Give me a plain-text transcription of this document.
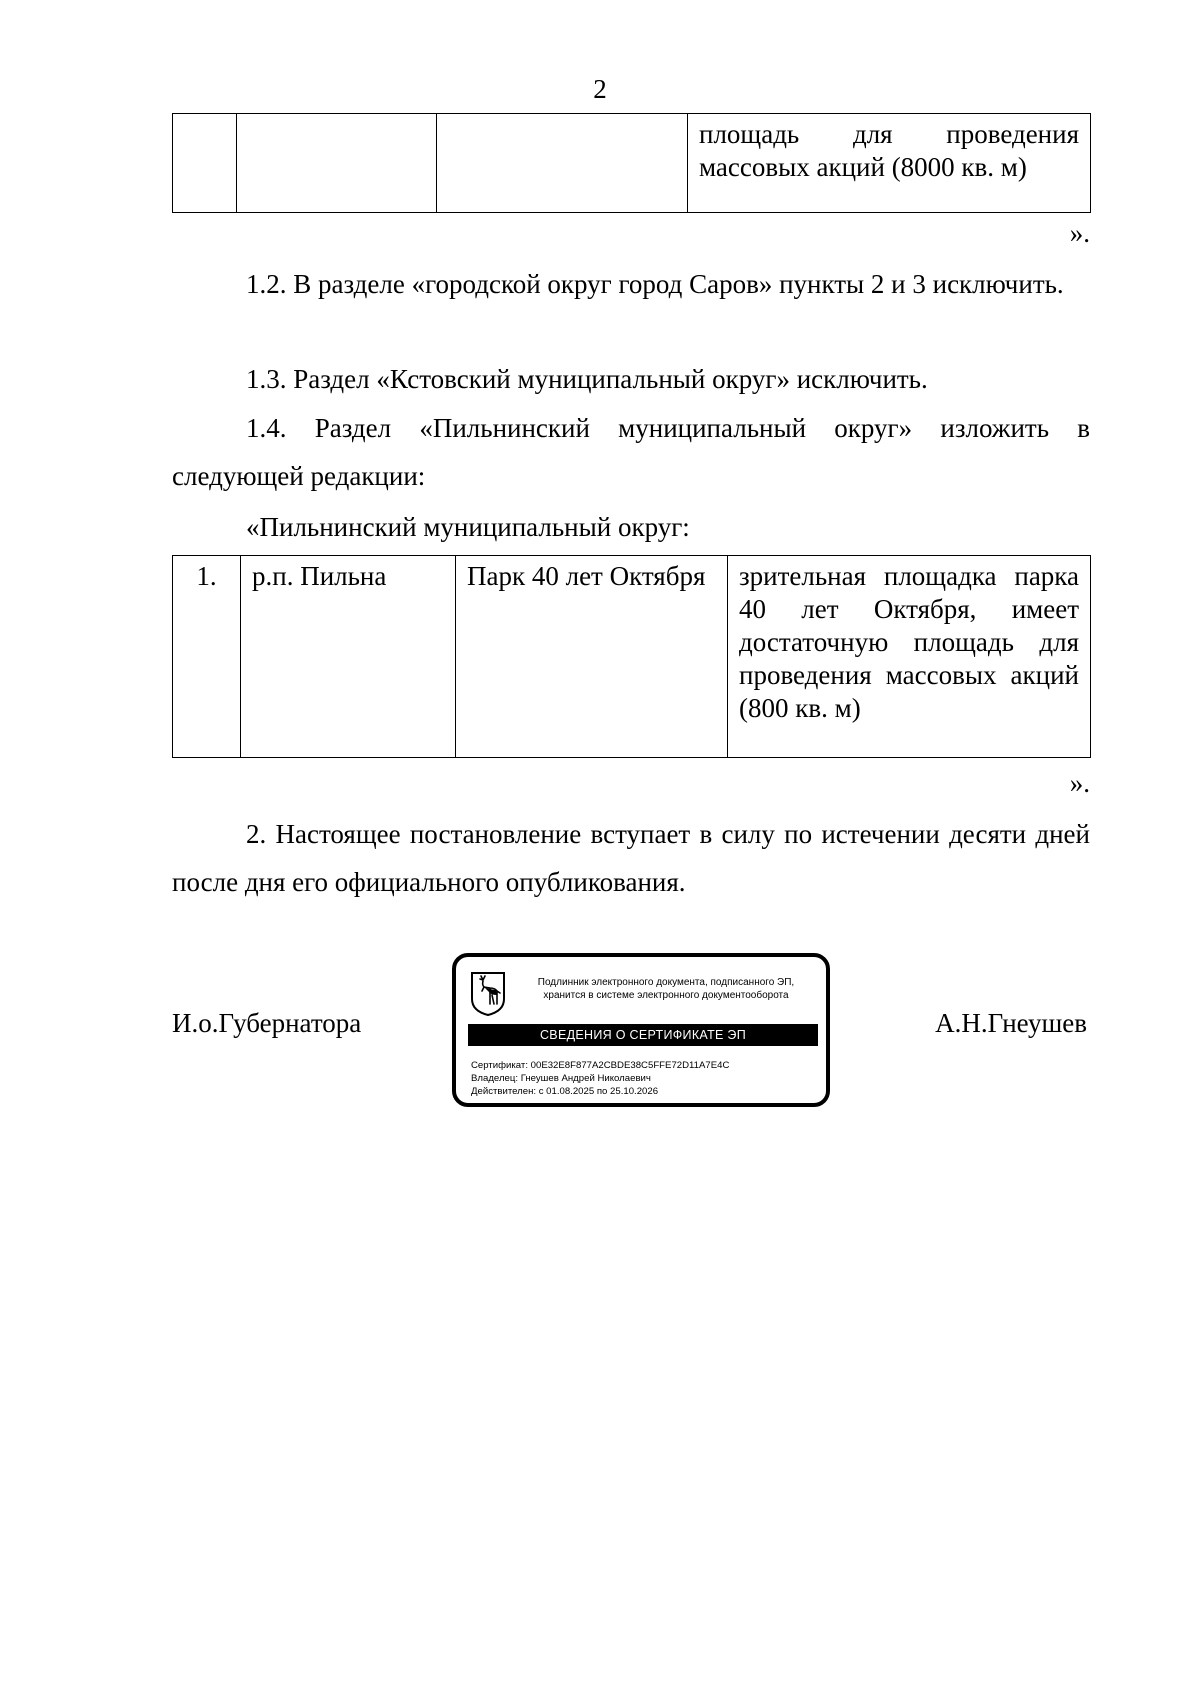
2
			площадь для проведения массовых акций (8000 кв. м)
».
1.2. В разделе «городской округ город Саров» пункты 2 и 3 исключить.
1.3. Раздел «Кстовский муниципальный округ» исключить.
1.4. Раздел «Пильнинский муниципальный округ» изложить в следующей редакции:
«Пильнинский муниципальный округ:
1.	р.п. Пильна	Парк 40 лет Октября	зрительная площадка парка 40 лет Октября, имеет достаточную площадь для проведения массовых акций (800 кв. м)
».
2. Настоящее постановление вступает в силу по истечении десяти дней после дня его официального опубликования.
И.о.Губернатора	А.Н.Гнеушев
Подлинник электронного документа, подписанного ЭП,
хранится в системе электронного документооборота
СВЕДЕНИЯ О СЕРТИФИКАТЕ ЭП
Сертификат: 00E32E8F877A2CBDE38C5FFE72D11A7E4C
Владелец: Гнеушев Андрей Николаевич
Действителен: с 01.08.2025 по 25.10.2026
